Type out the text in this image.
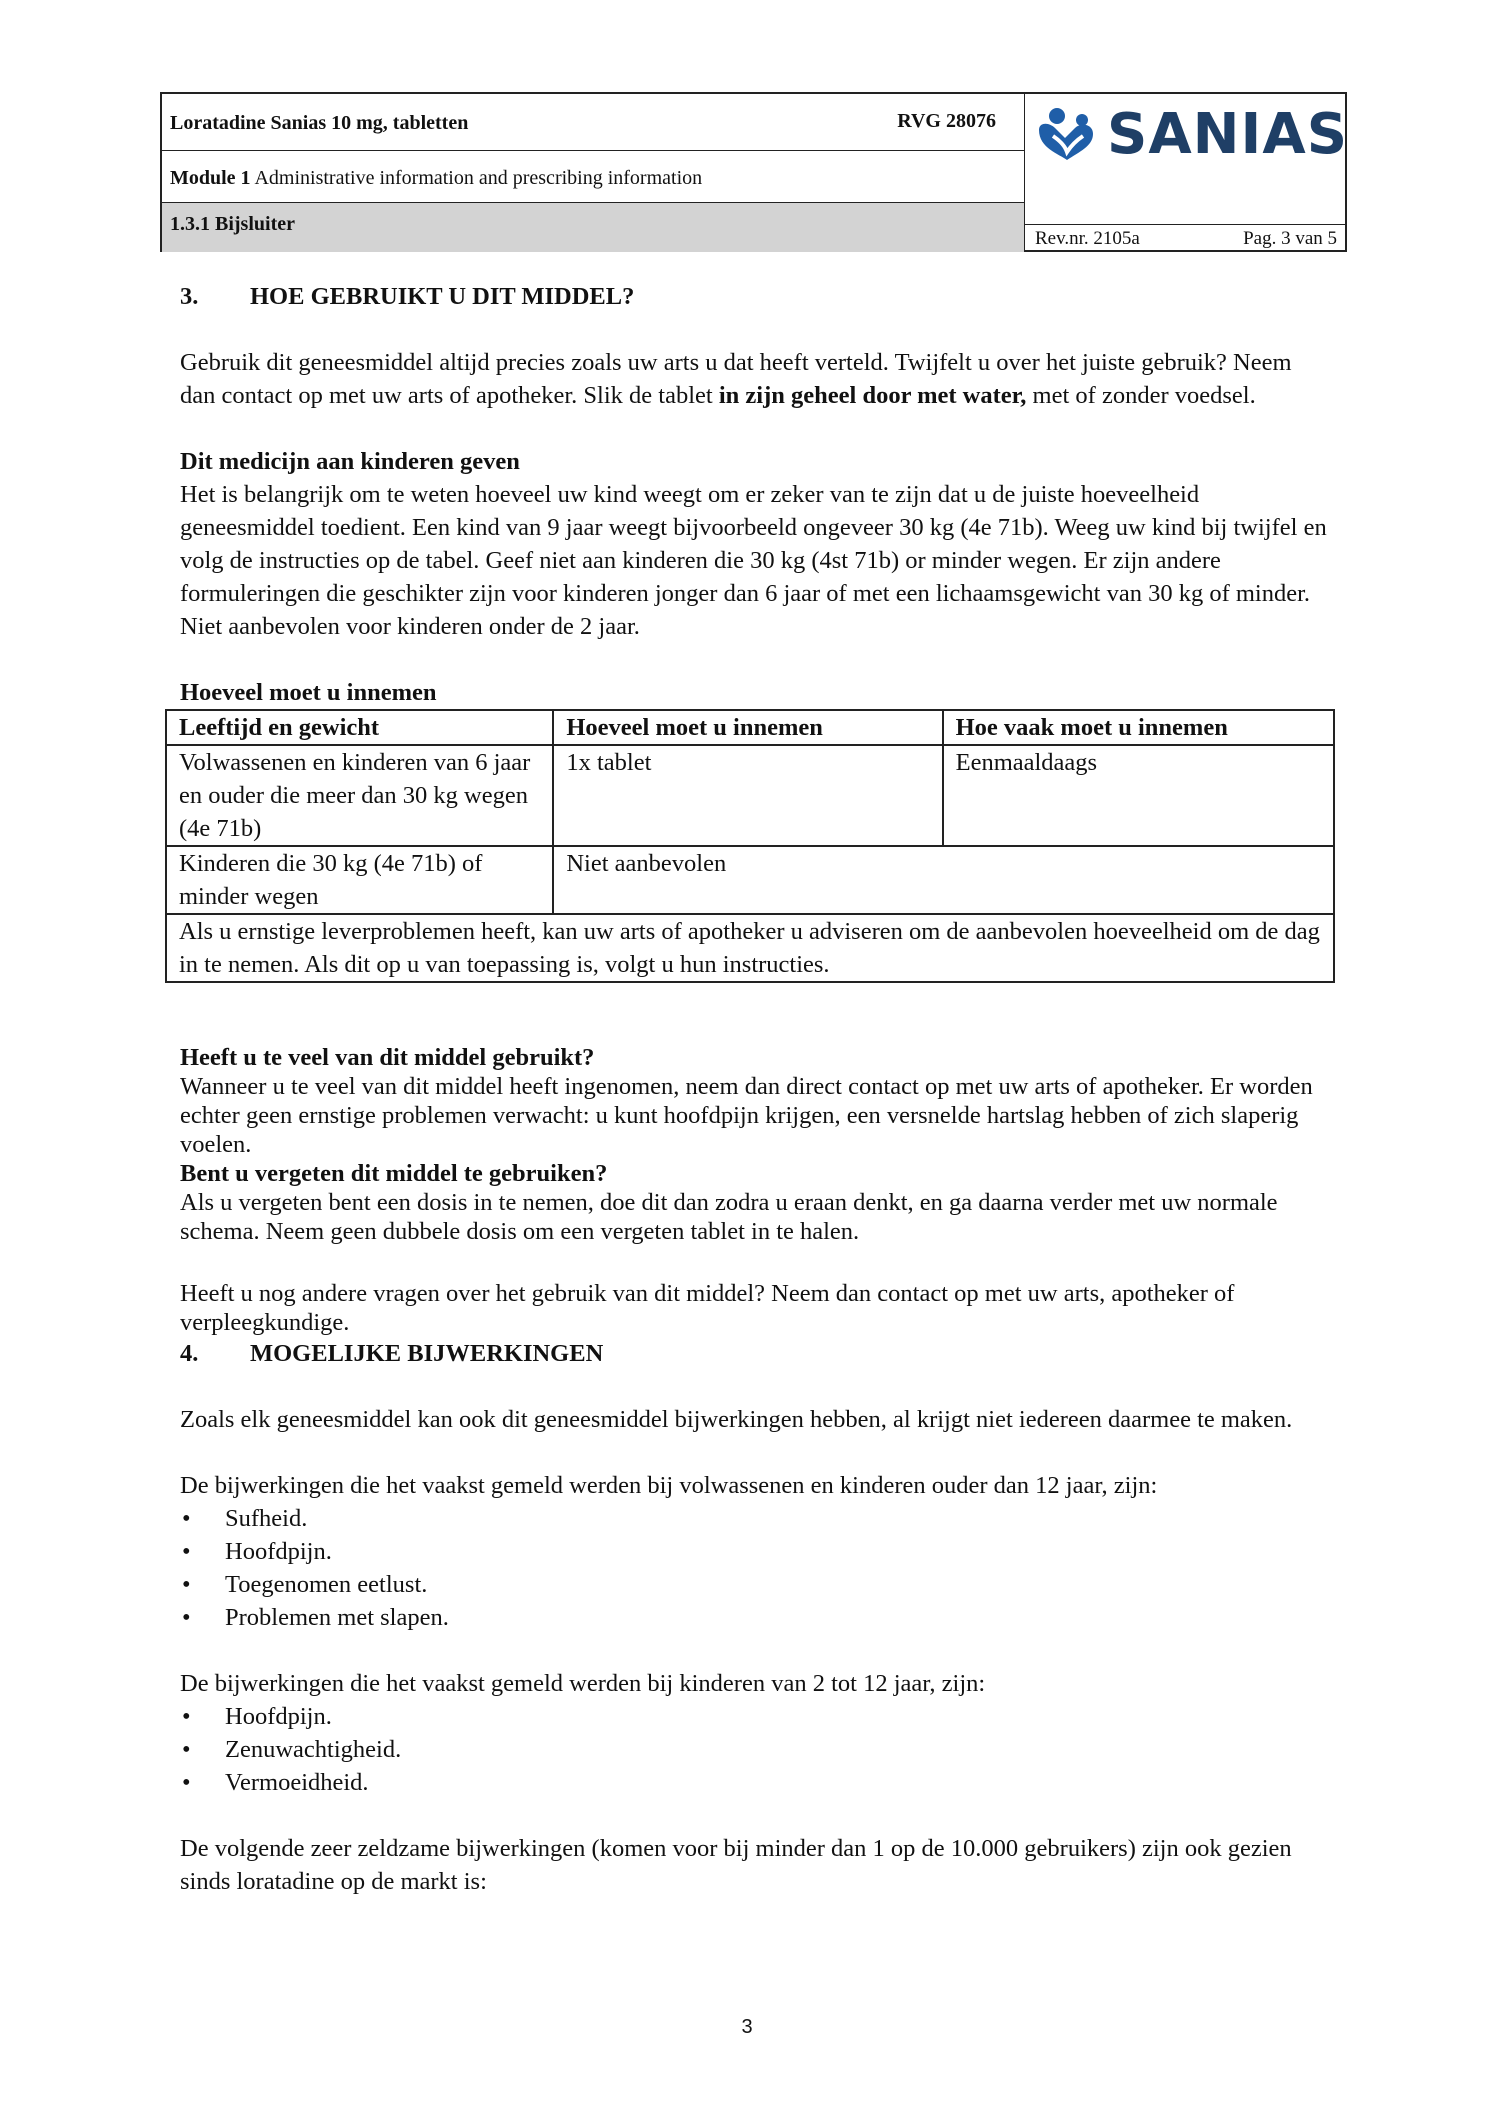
Loratadine Sanias 10 mg, tabletten	RVG 28076
Module 1 Administrative information and prescribing information
1.3.1 Bijsluiter
SANIAS
Rev.nr. 2105a	Pag. 3 van 5
3.	HOE GEBRUIKT U DIT MIDDEL?

Gebruik dit geneesmiddel altijd precies zoals uw arts u dat heeft verteld. Twijfelt u over het juiste gebruik? Neem dan contact op met uw arts of apotheker. Slik de tablet in zijn geheel door met water, met of zonder voedsel.

Dit medicijn aan kinderen geven

Het is belangrijk om te weten hoeveel uw kind weegt om er zeker van te zijn dat u de juiste hoeveelheid geneesmiddel toedient. Een kind van 9 jaar weegt bijvoorbeeld ongeveer 30 kg (4e 71b). Weeg uw kind bij twijfel en volg de instructies op de tabel. Geef niet aan kinderen die 30 kg (4st 71b) or minder wegen. Er zijn andere formuleringen die geschikter zijn voor kinderen jonger dan 6 jaar of met een lichaamsgewicht van 30 kg of minder. Niet aanbevolen voor kinderen onder de 2 jaar.

Hoeveel moet u innemen

Leeftijd en gewicht	Hoeveel moet u innemen	Hoe vaak moet u innemen
Volwassenen en kinderen van 6 jaar en ouder die meer dan 30 kg wegen (4e 71b)	1x tablet	Eenmaaldaags
Kinderen die 30 kg (4e 71b) of minder wegen	Niet aanbevolen	
Als u ernstige leverproblemen heeft, kan uw arts of apotheker u adviseren om de aanbevolen hoeveelheid om de dag in te nemen. Als dit op u van toepassing is, volgt u hun instructies.		

Heeft u te veel van dit middel gebruikt?

Wanneer u te veel van dit middel heeft ingenomen, neem dan direct contact op met uw arts of apotheker. Er worden echter geen ernstige problemen verwacht: u kunt hoofdpijn krijgen, een versnelde hartslag hebben of zich slaperig voelen.

Bent u vergeten dit middel te gebruiken?

Als u vergeten bent een dosis in te nemen, doe dit dan zodra u eraan denkt, en ga daarna verder met uw normale schema. Neem geen dubbele dosis om een vergeten tablet in te halen.

Heeft u nog andere vragen over het gebruik van dit middel? Neem dan contact op met uw arts, apotheker of verpleegkundige.

4.	MOGELIJKE BIJWERKINGEN

Zoals elk geneesmiddel kan ook dit geneesmiddel bijwerkingen hebben, al krijgt niet iedereen daarmee te maken.

De bijwerkingen die het vaakst gemeld werden bij volwassenen en kinderen ouder dan 12 jaar, zijn:

• Sufheid.
• Hoofdpijn.
• Toegenomen eetlust.
• Problemen met slapen.

De bijwerkingen die het vaakst gemeld werden bij kinderen van 2 tot 12 jaar, zijn:

• Hoofdpijn.
• Zenuwachtigheid.
• Vermoeidheid.

De volgende zeer zeldzame bijwerkingen (komen voor bij minder dan 1 op de 10.000 gebruikers) zijn ook gezien sinds loratadine op de markt is:

3
